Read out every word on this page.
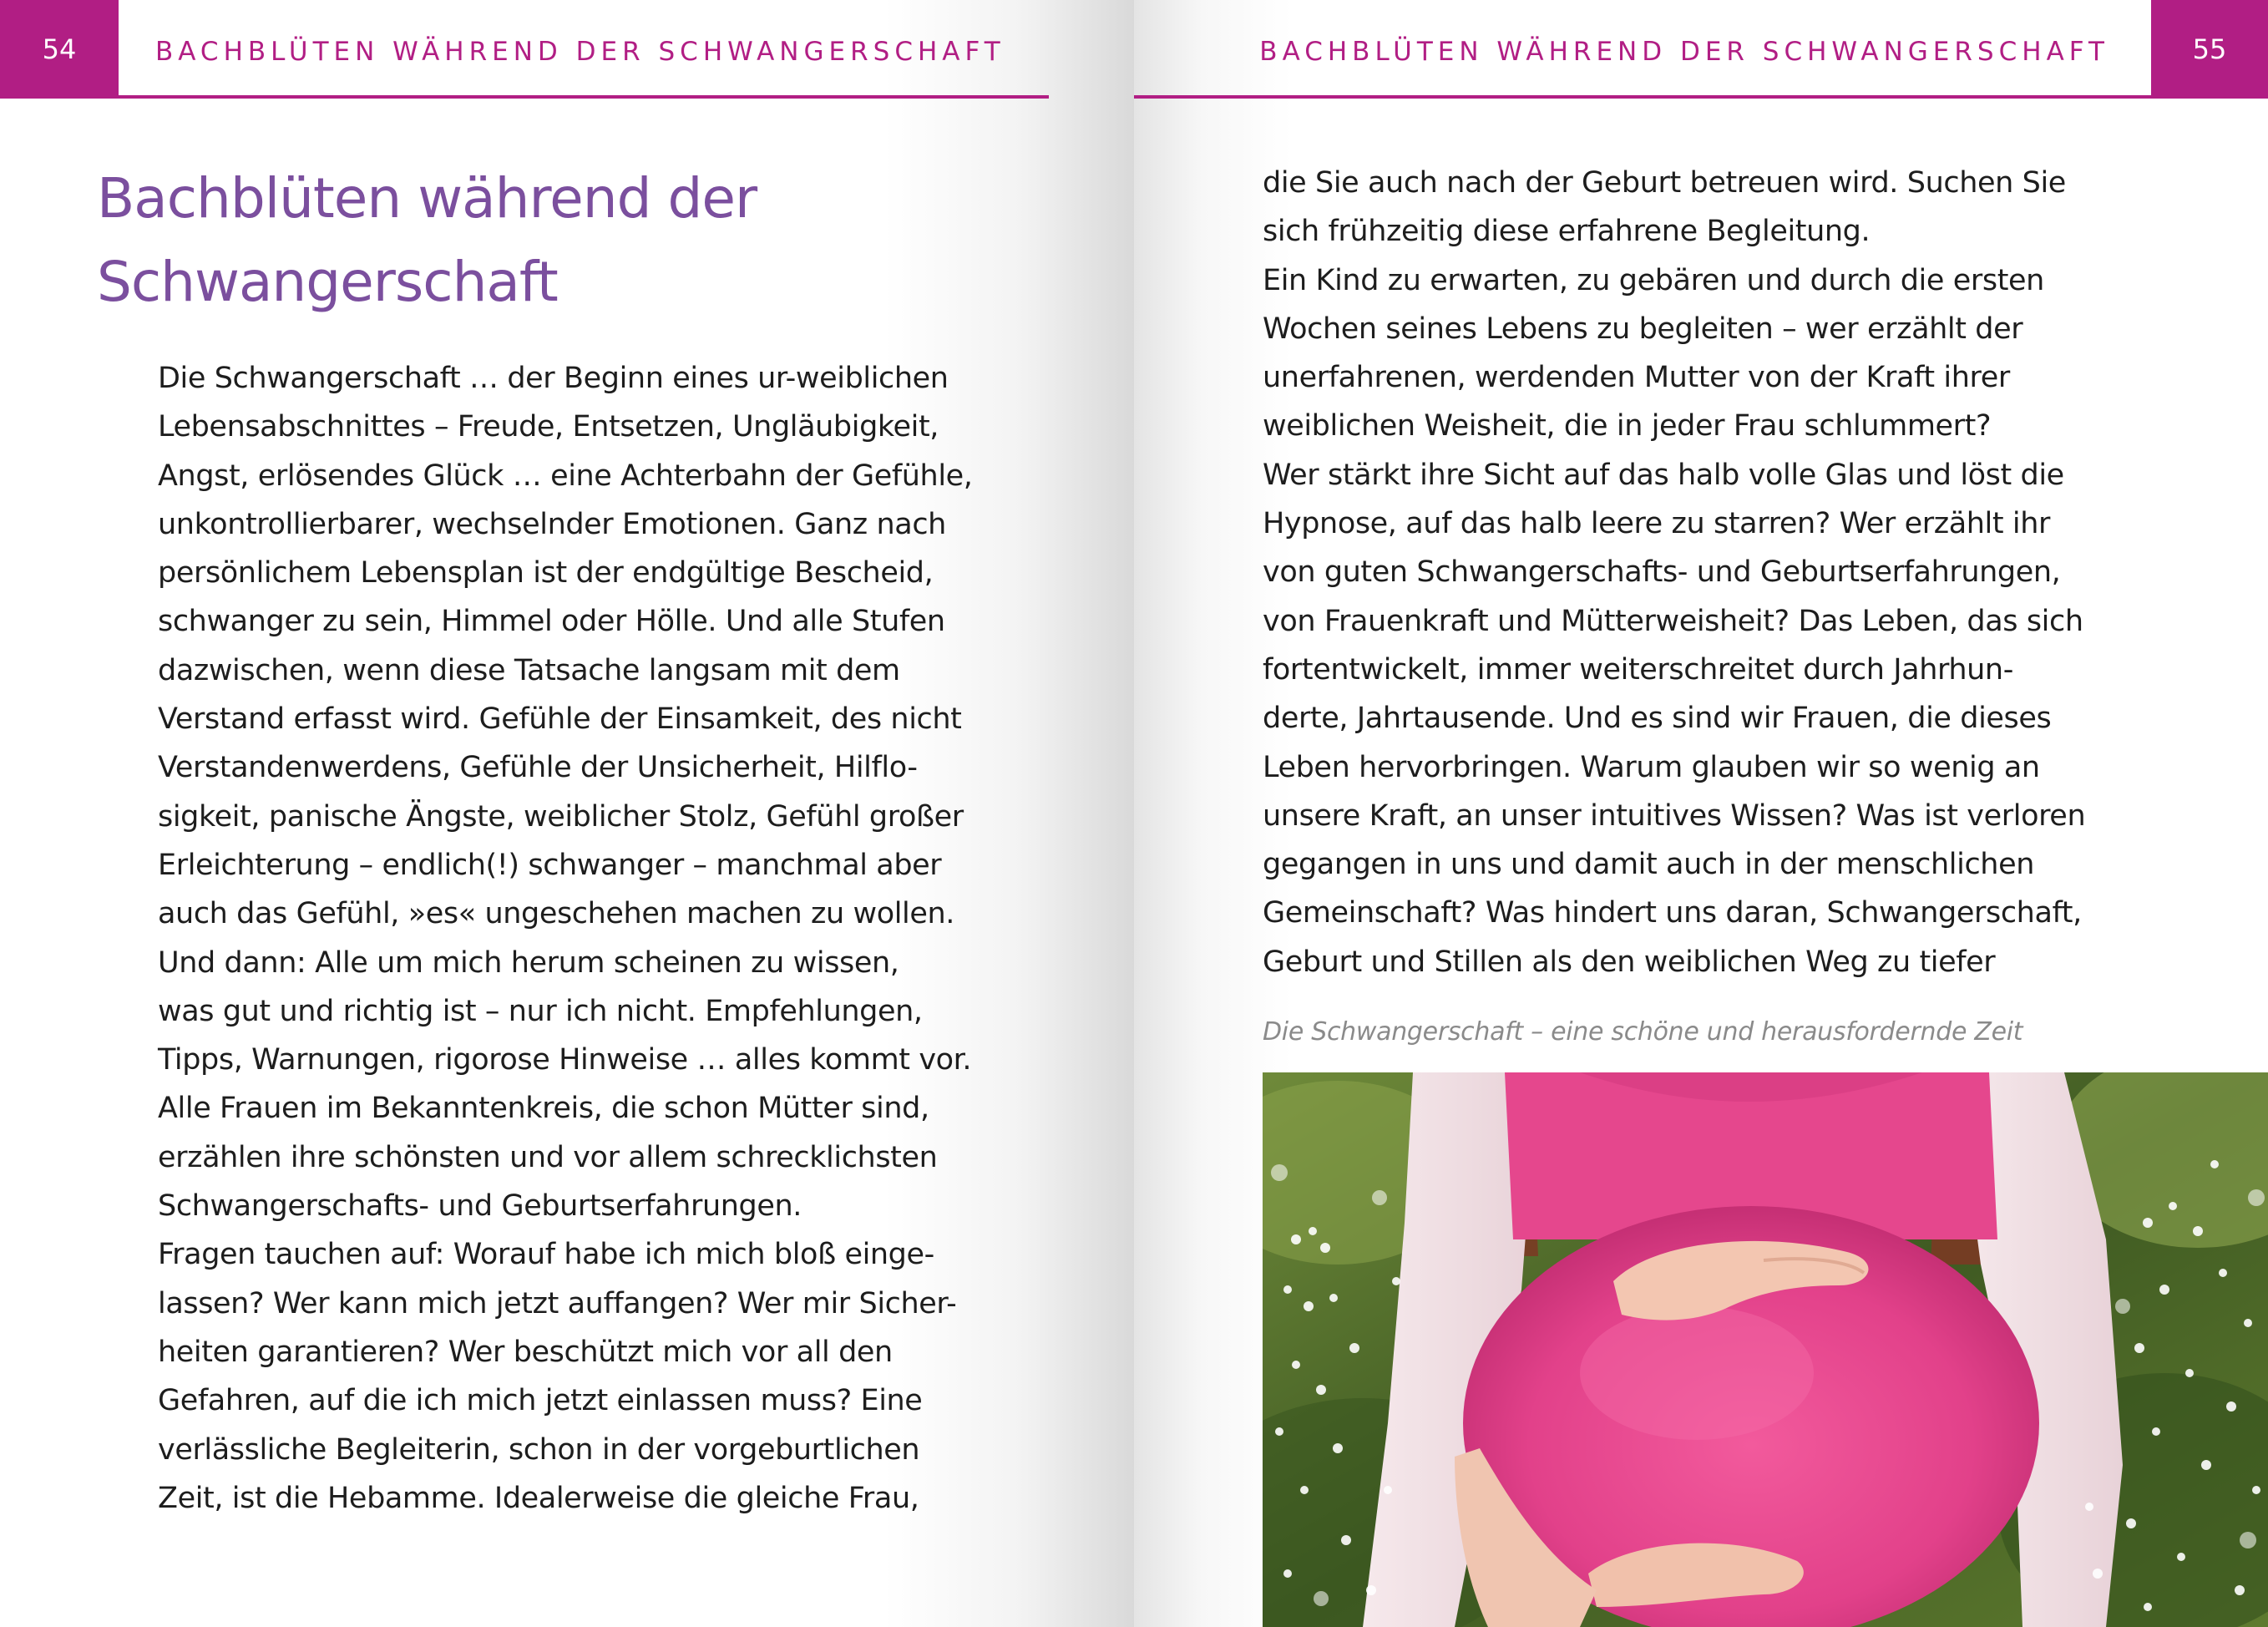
54	BACHBLÜTEN WÄHREND DER SCHWANGERSCHAFT
Bachblüten während der
Schwangerschaft
Die Schwangerschaft … der Beginn eines ur-weiblichen
Lebensabschnittes – Freude, Entsetzen, Ungläubigkeit,
Angst, erlösendes Glück … eine Achterbahn der Gefühle,
unkontrollierbarer, wechselnder Emotionen. Ganz nach
persönlichem Lebensplan ist der endgültige Bescheid,
schwanger zu sein, Himmel oder Hölle. Und alle Stufen
dazwischen, wenn diese Tatsache langsam mit dem
Verstand erfasst wird. Gefühle der Einsamkeit, des nicht
Verstandenwerdens, Gefühle der Unsicherheit, Hilflo-
sigkeit, panische Ängste, weiblicher Stolz, Gefühl großer
Erleichterung – endlich(!) schwanger – manchmal aber
auch das Gefühl, »es« ungeschehen machen zu wollen.
Und dann: Alle um mich herum scheinen zu wissen,
was gut und richtig ist – nur ich nicht. Empfehlungen,
Tipps, Warnungen, rigorose Hinweise … alles kommt vor.
Alle Frauen im Bekanntenkreis, die schon Mütter sind,
erzählen ihre schönsten und vor allem schrecklichsten
Schwangerschafts- und Geburtserfahrungen.
Fragen tauchen auf: Worauf habe ich mich bloß einge-
lassen? Wer kann mich jetzt auffangen? Wer mir Sicher-
heiten garantieren? Wer beschützt mich vor all den
Gefahren, auf die ich mich jetzt einlassen muss? Eine
verlässliche Begleiterin, schon in der vorgeburtlichen
Zeit, ist die Hebamme. Idealerweise die gleiche Frau,
BACHBLÜTEN WÄHREND DER SCHWANGERSCHAFT	55
die Sie auch nach der Geburt betreuen wird. Suchen Sie
sich frühzeitig diese erfahrene Begleitung.
Ein Kind zu erwarten, zu gebären und durch die ersten
Wochen seines Lebens zu begleiten – wer erzählt der
unerfahrenen, werdenden Mutter von der Kraft ihrer
weiblichen Weisheit, die in jeder Frau schlummert?
Wer stärkt ihre Sicht auf das halb volle Glas und löst die
Hypnose, auf das halb leere zu starren? Wer erzählt ihr
von guten Schwangerschafts- und Geburtserfahrungen,
von Frauenkraft und Mütterweisheit? Das Leben, das sich
fortentwickelt, immer weiterschreitet durch Jahrhun-
derte, Jahrtausende. Und es sind wir Frauen, die dieses
Leben hervorbringen. Warum glauben wir so wenig an
unsere Kraft, an unser intuitives Wissen? Was ist verloren
gegangen in uns und damit auch in der menschlichen
Gemeinschaft? Was hindert uns daran, Schwangerschaft,
Geburt und Stillen als den weiblichen Weg zu tiefer
Die Schwangerschaft – eine schöne und herausfordernde Zeit
